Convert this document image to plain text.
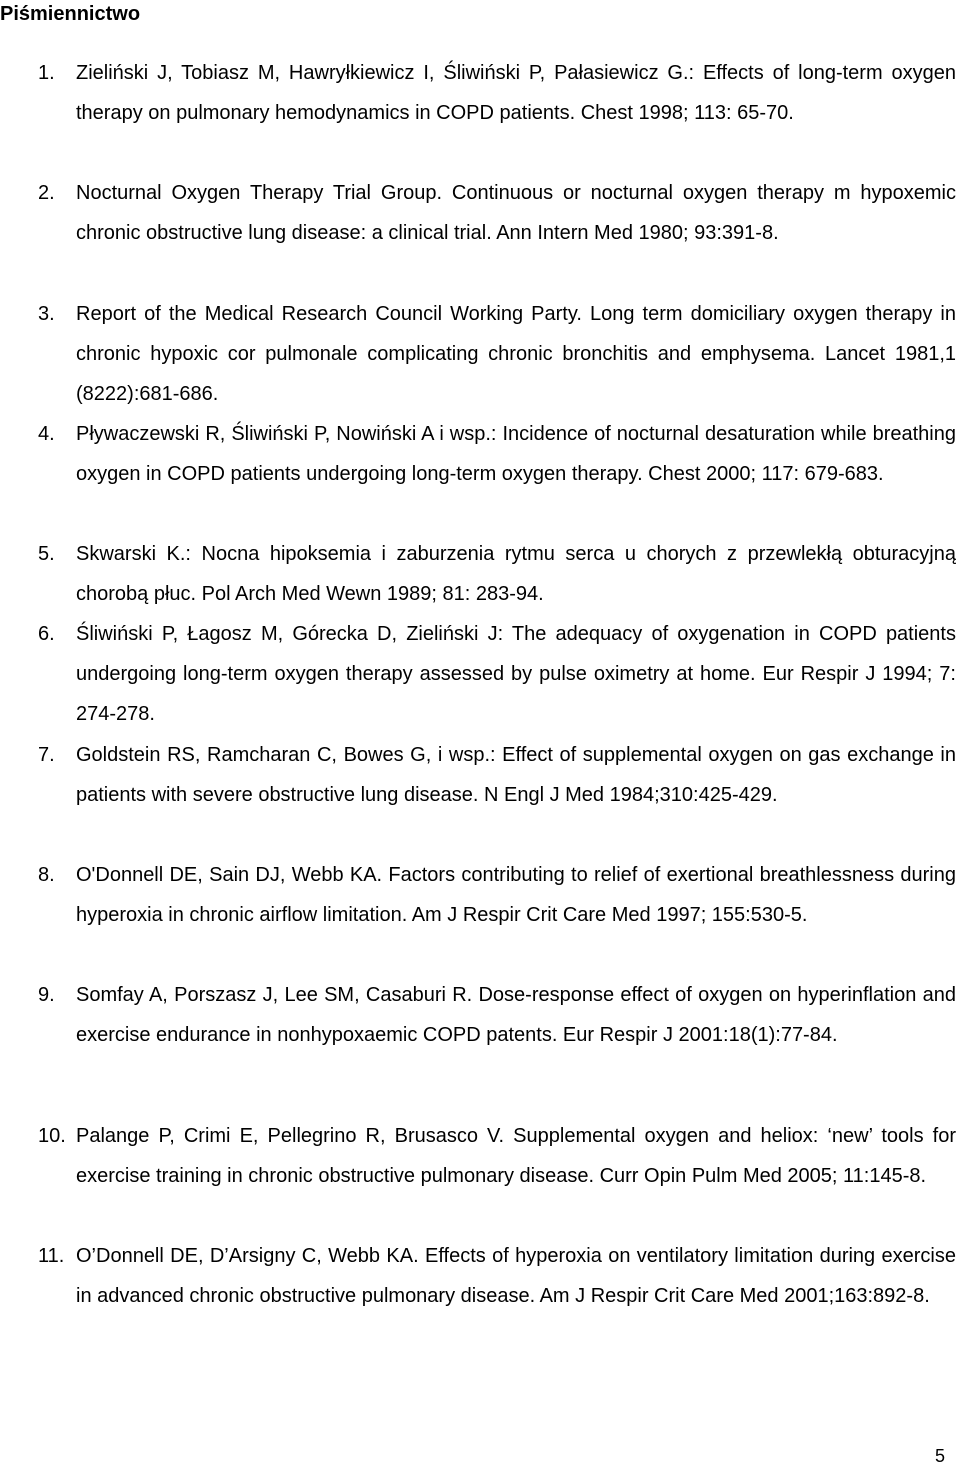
Piśmiennictwo
1. Zieliński J, Tobiasz M, Hawryłkiewicz I, Śliwiński P, Pałasiewicz G.: Effects of long-term oxygen therapy on pulmonary hemodynamics in COPD patients. Chest 1998; 113: 65-70.

2. Nocturnal Oxygen Therapy Trial Group. Continuous or nocturnal oxygen therapy m hypoxemic chronic obstructive lung disease: a clinical trial. Ann Intern Med 1980; 93:391-8.

3. Report of the Medical Research Council Working Party. Long term domiciliary oxygen therapy in chronic hypoxic cor pulmonale complicating chronic bronchitis and emphysema. Lancet 1981,1 (8222):681-686.

4. Pływaczewski R, Śliwiński P, Nowiński A i wsp.: Incidence of nocturnal desaturation while breathing oxygen in COPD patients undergoing long-term oxygen therapy. Chest 2000; 117: 679-683.

5. Skwarski K.: Nocna hipoksemia i zaburzenia rytmu serca u chorych z przewlekłą obturacyjną chorobą płuc. Pol Arch Med Wewn 1989; 81: 283-94.

6. Śliwiński P, Łagosz M, Górecka D, Zieliński J: The adequacy of oxygenation in COPD patients undergoing long-term oxygen therapy assessed by pulse oximetry at home. Eur Respir J 1994; 7: 274-278.

7. Goldstein RS, Ramcharan C, Bowes G, i wsp.: Effect of supplemental oxygen on gas exchange in patients with severe obstructive lung disease. N Engl J Med 1984;310:425-429.

8. O'Donnell DE, Sain DJ, Webb KA. Factors contributing to relief of exertional breathlessness during hyperoxia in chronic airflow limitation. Am J Respir Crit Care Med 1997; 155:530-5.

9. Somfay A, Porszasz J, Lee SM, Casaburi R. Dose-response effect of oxygen on hyperinflation and exercise endurance in nonhypoxaemic COPD patents. Eur Respir J 2001:18(1):77-84.

10. Palange P, Crimi E, Pellegrino R, Brusasco V. Supplemental oxygen and heliox: ‘new’ tools for exercise training in chronic obstructive pulmonary disease. Curr Opin Pulm Med 2005; 11:145-8.

11. O’Donnell DE, D’Arsigny C, Webb KA. Effects of hyperoxia on ventilatory limitation during exercise in advanced chronic obstructive pulmonary disease. Am J Respir Crit Care Med 2001;163:892-8.

5
